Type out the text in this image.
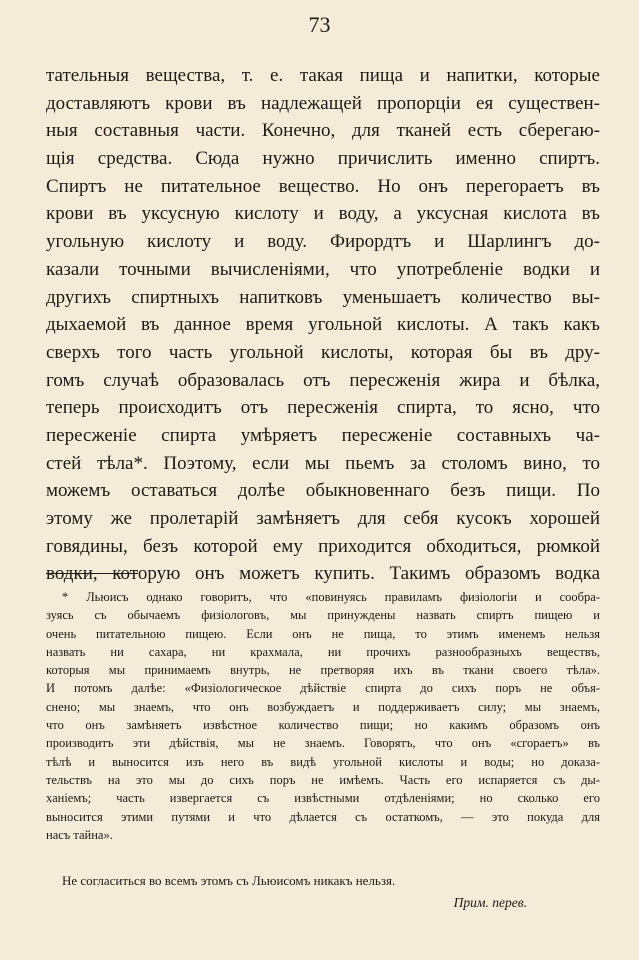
73
тательныя вещества, т. е. такая пища и напитки, которые
доставляютъ крови въ надлежащей пропорціи ея существен-
ныя составныя части. Конечно, для тканей есть сберегаю-
щія средства. Сюда нужно причислить именно спиртъ.
Спиртъ не питательное вещество. Но онъ перегораетъ въ
крови въ уксусную кислоту и воду, а уксусная кислота въ
угольную кислоту и воду. Фирордтъ и Шарлингъ до-
казали точными вычисленіями, что употребленіе водки и
другихъ спиртныхъ напитковъ уменьшаетъ количество вы-
дыхаемой въ данное время угольной кислоты. А такъ какъ
сверхъ того часть угольной кислоты, которая бы въ дру-
гомъ случаѣ образовалась отъ пересженія жира и бѣлка,
теперь происходитъ отъ пересженія спирта, то ясно, что
пересженіе спирта умѣряетъ пересженіе составныхъ ча-
стей тѣла*. Поэтому, если мы пьемъ за столомъ вино, то
можемъ оставаться долѣе обыкновеннаго безъ пищи. По
этому же пролетарій замѣняетъ для себя кусокъ хорошей
говядины, безъ которой ему приходится обходиться, рюмкой
водки, которую онъ можетъ купить. Такимъ образомъ водка
* Льюисъ однако говоритъ, что «повинуясь правиламъ физіологіи и сообра-
зуясь съ обычаемъ физіологовъ, мы принуждены назвать спиртъ пищею и
очень питательною пищею. Если онъ не пища, то этимъ именемъ нельзя
назвать ни сахара, ни крахмала, ни прочихъ разнообразныхъ веществъ,
которыя мы принимаемъ внутрь, не претворяя ихъ въ ткани своего тѣла».
И потомъ далѣе: «Физіологическое дѣйствіе спирта до сихъ поръ не объя-
снено; мы знаемъ, что онъ возбуждаетъ и поддерживаетъ силу; мы знаемъ,
что онъ замѣняетъ извѣстное количество пищи; но какимъ образомъ онъ
производитъ эти дѣйствія, мы не знаемъ. Говорятъ, что онъ «сгораетъ» въ
тѣлѣ и выносится изъ него въ видѣ угольной кислоты и воды; но доказа-
тельствъ на это мы до сихъ поръ не имѣемъ. Часть его испаряется съ ды-
ханіемъ; часть извергается съ извѣстными отдѣленіями; но сколько его
выносится этими путями и что дѣлается съ остаткомъ, — это покуда для
насъ тайна».
Не согласиться во всемъ этомъ съ Льюисомъ никакъ нельзя.
Прим. перев.
